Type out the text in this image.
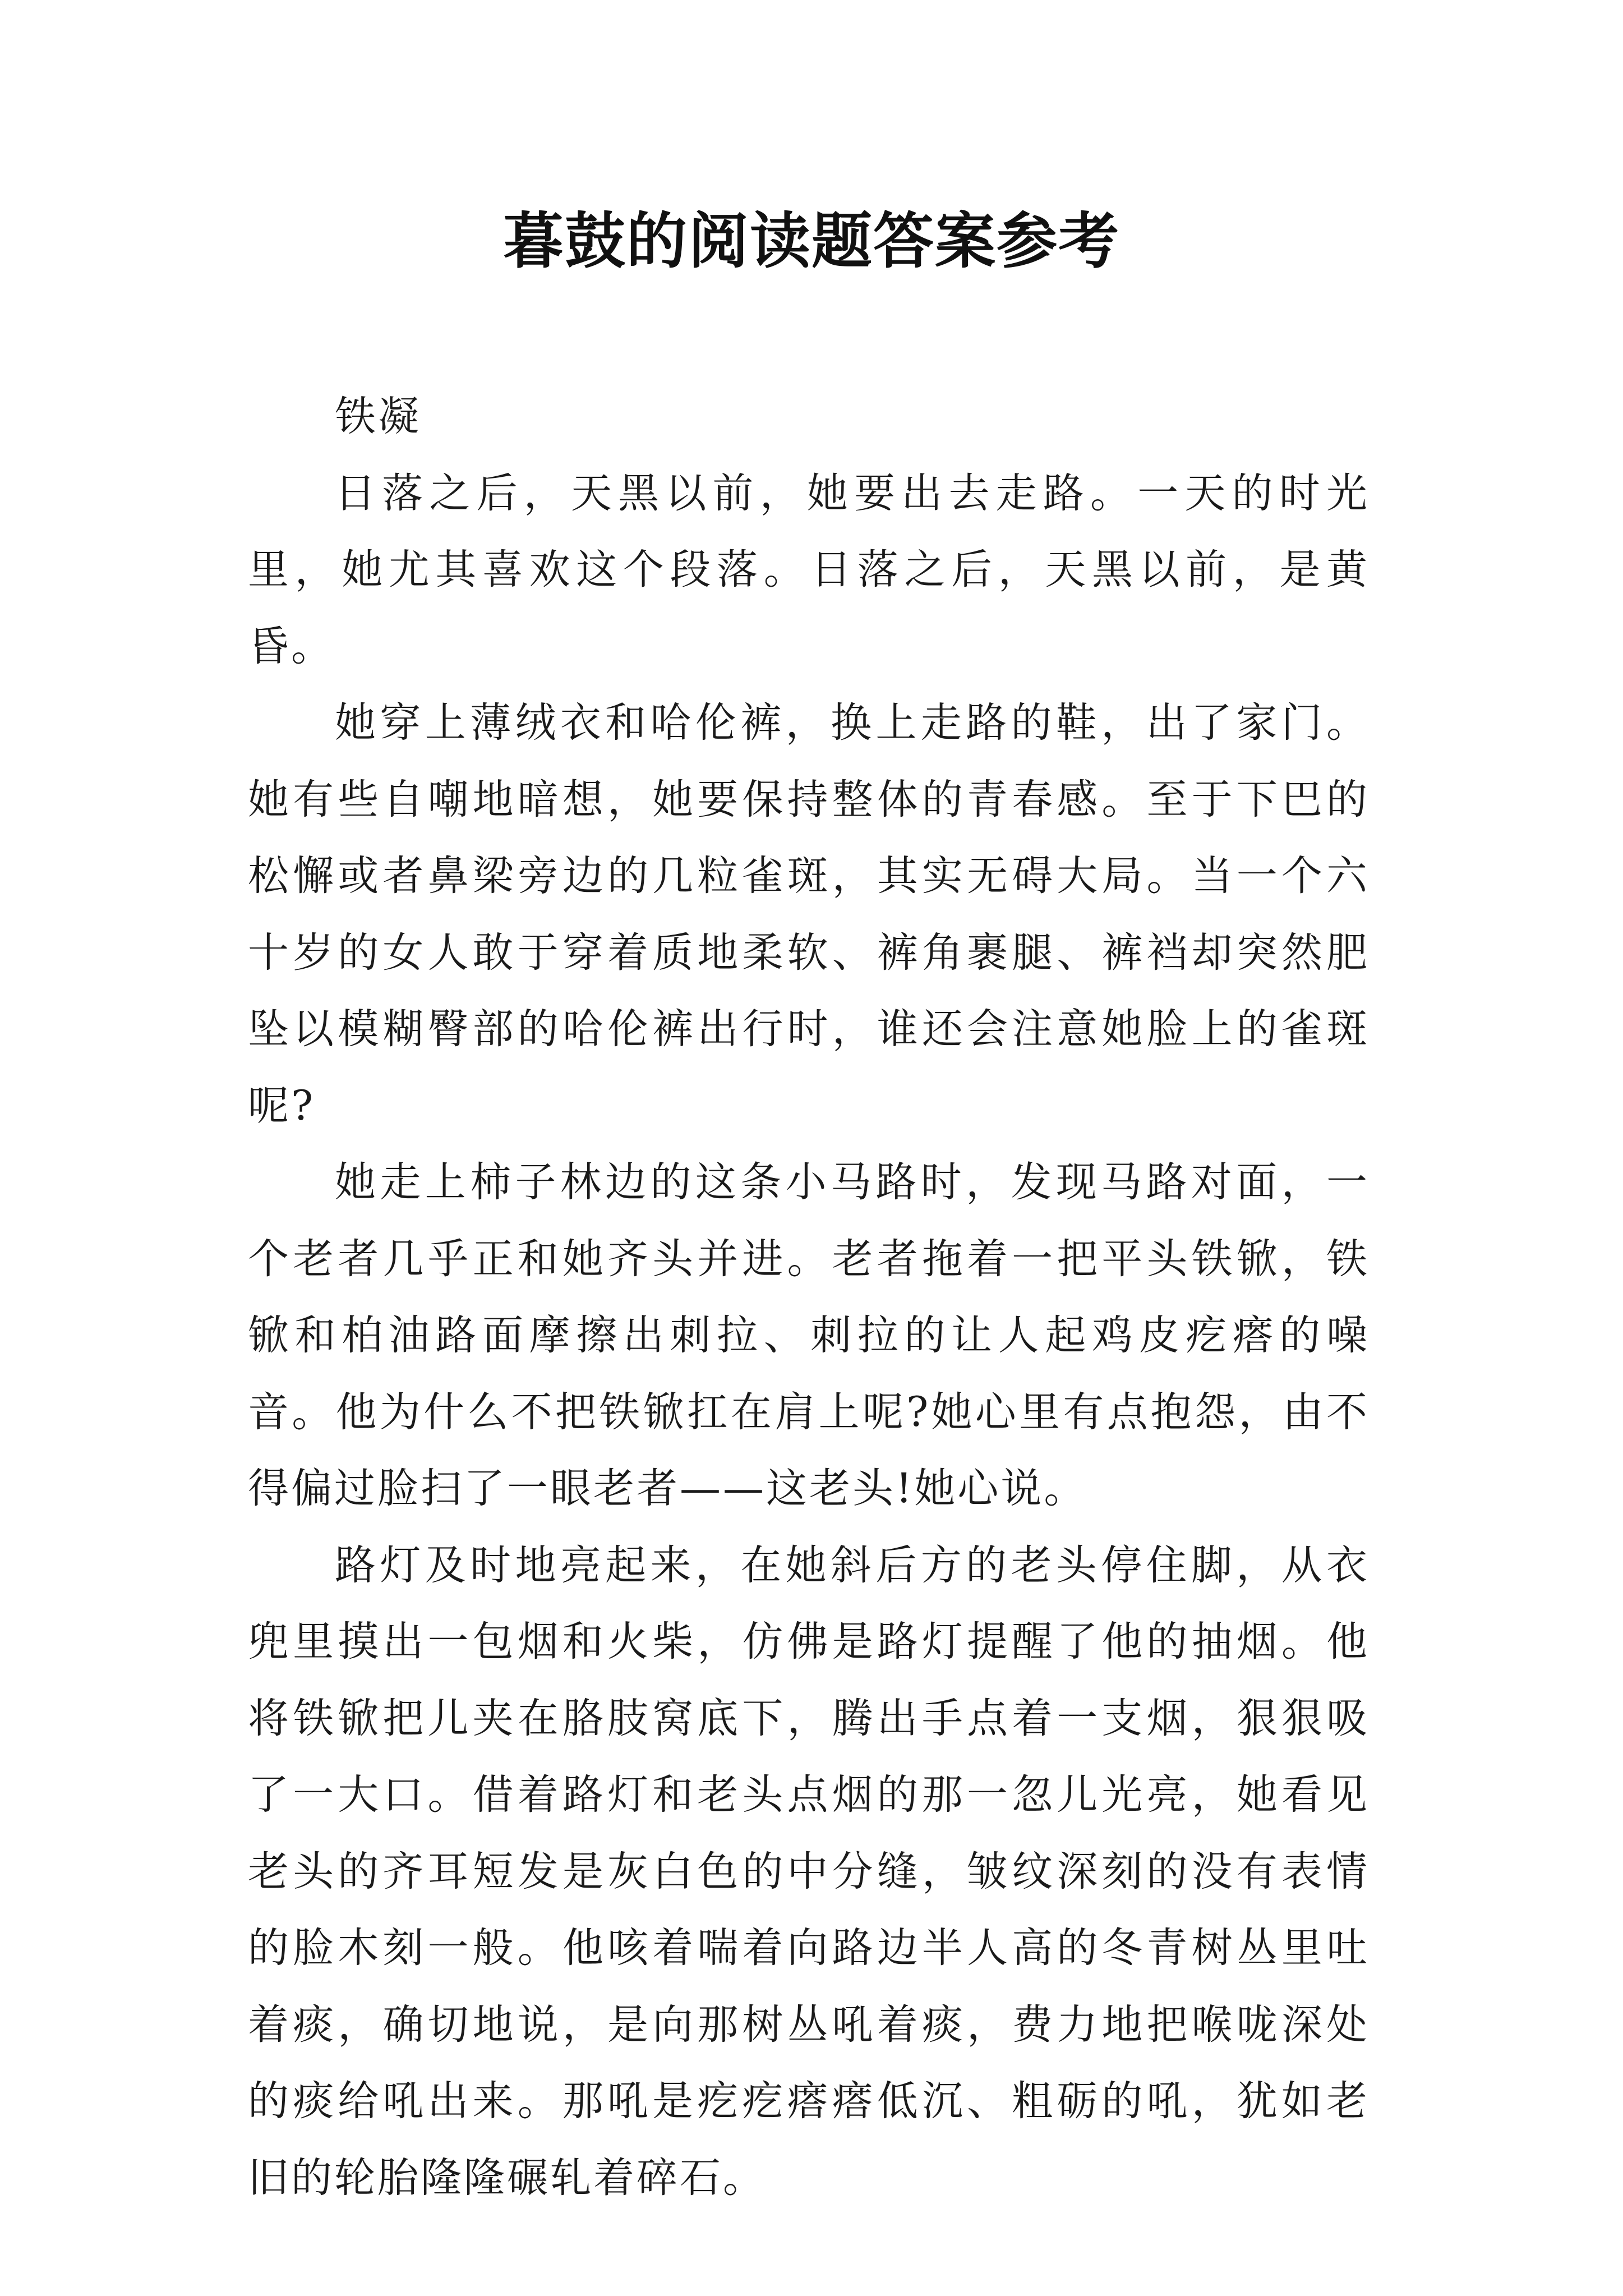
暮鼓的阅读题答案参考

铁凝

日落之后，天黑以前，她要出去走路。一天的时光里，她尤其喜欢这个段落。日落之后，天黑以前，是黄昏。

她穿上薄绒衣和哈伦裤，换上走路的鞋，出了家门。她有些自嘲地暗想，她要保持整体的青春感。至于下巴的松懈或者鼻梁旁边的几粒雀斑，其实无碍大局。当一个六十岁的女人敢于穿着质地柔软、裤角裹腿、裤裆却突然肥坠以模糊臀部的哈伦裤出行时，谁还会注意她脸上的雀斑呢?

她走上柿子林边的这条小马路时，发现马路对面，一个老者几乎正和她齐头并进。老者拖着一把平头铁锨，铁锨和柏油路面摩擦出刺拉、刺拉的让人起鸡皮疙瘩的噪音。他为什么不把铁锨扛在肩上呢?她心里有点抱怨，由不得偏过脸扫了一眼老者——这老头!她心说。

路灯及时地亮起来，在她斜后方的老头停住脚，从衣兜里摸出一包烟和火柴，仿佛是路灯提醒了他的抽烟。他将铁锨把儿夹在胳肢窝底下，腾出手点着一支烟，狠狠吸了一大口。借着路灯和老头点烟的那一忽儿光亮，她看见老头的齐耳短发是灰白色的中分缝，皱纹深刻的没有表情的脸木刻一般。他咳着喘着向路边半人高的冬青树丛里吐着痰，确切地说，是向那树丛吼着痰，费力地把喉咙深处的痰给吼出来。那吼是疙疙瘩瘩低沉、粗砺的吼，犹如老旧的轮胎隆隆碾轧着碎石。
